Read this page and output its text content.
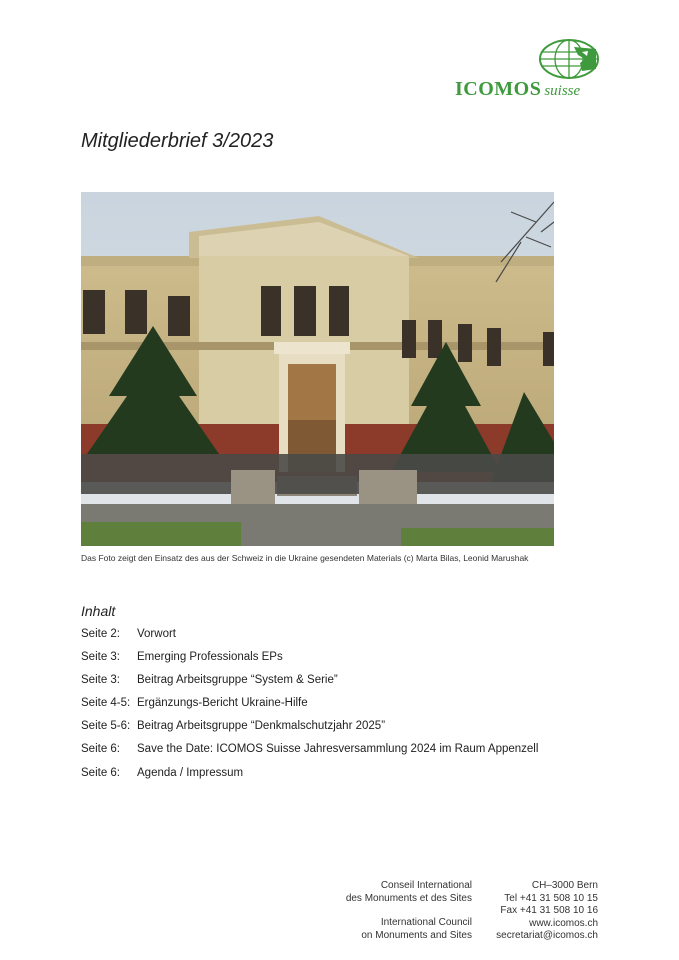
ICOMOS suisse
Mitgliederbrief 3/2023
Das Foto zeigt den Einsatz des aus der Schweiz in die Ukraine gesendeten Materials (c) Marta Bilas, Leonid Marushak
Inhalt
Seite 2: Vorwort
Seite 3: Emerging Professionals EPs
Seite 3: Beitrag Arbeitsgruppe “System & Serie”
Seite 4-5: Ergänzungs-Bericht Ukraine-Hilfe
Seite 5-6: Beitrag Arbeitsgruppe “Denkmalschutzjahr 2025”
Seite 6: Save the Date: ICOMOS Suisse Jahresversammlung 2024 im Raum Appenzell
Seite 6: Agenda / Impressum
Conseil International
des Monuments et des Sites
International Council
on Monuments and Sites
CH–3000 Bern
Tel +41 31 508 10 15
Fax +41 31 508 10 16
www.icomos.ch
secretariat@icomos.ch
